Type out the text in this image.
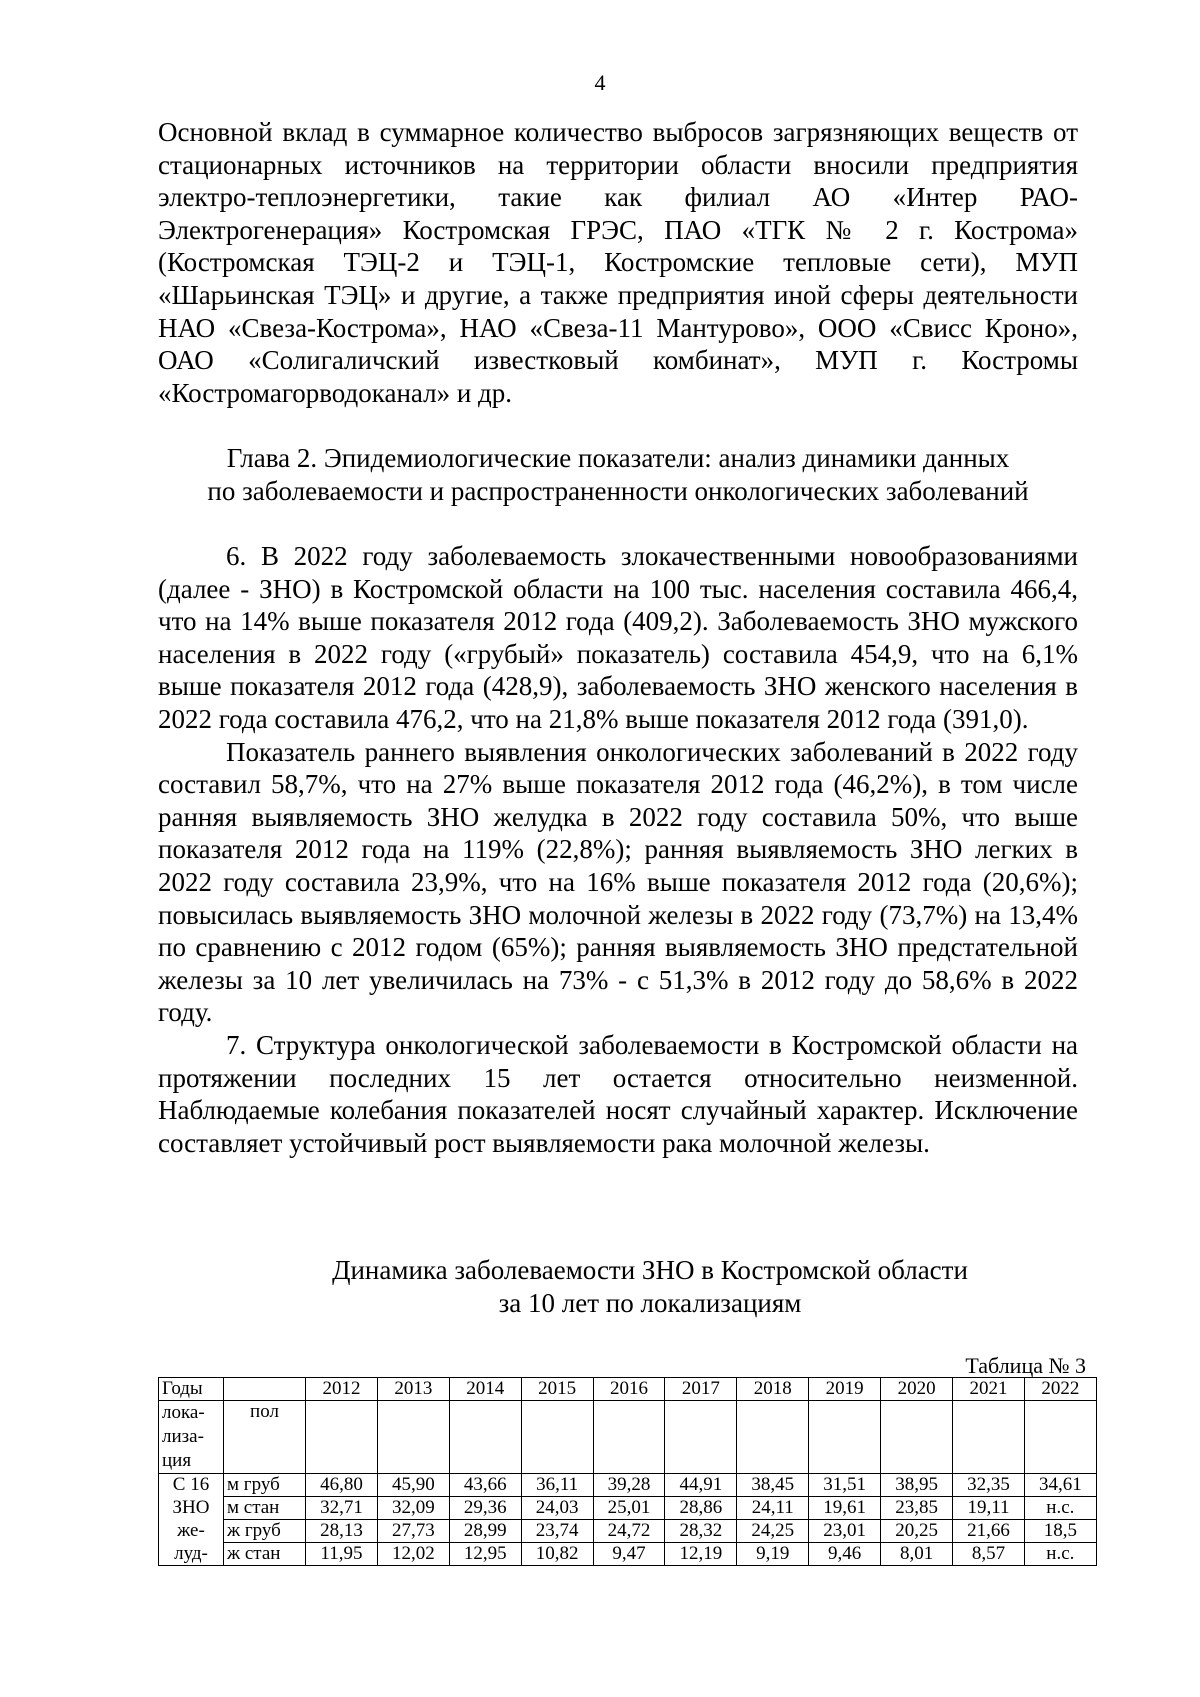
4

Основной вклад в суммарное количество выбросов загрязняющих веществ от стационарных источников на территории области вносили предприятия электро-теплоэнергетики, такие как филиал АО «Интер РАО-Электрогенерация» Костромская ГРЭС, ПАО «ТГК № 2 г. Кострома» (Костромская ТЭЦ-2 и ТЭЦ-1, Костромские тепловые сети), МУП «Шарьинская ТЭЦ» и другие, а также предприятия иной сферы деятельности НАО «Свеза-Кострома», НАО «Свеза-11 Мантурово», ООО «Свисс Кроно», ОАО «Солигаличский известковый комбинат», МУП г. Костромы «Костромагорводоканал» и др.

Глава 2. Эпидемиологические показатели: анализ динамики данных
по заболеваемости и распространенности онкологических заболеваний

6. В 2022 году заболеваемость злокачественными новообразованиями (далее - ЗНО) в Костромской области на 100 тыс. населения составила 466,4, что на 14% выше показателя 2012 года (409,2). Заболеваемость ЗНО мужского населения в 2022 году («грубый» показатель) составила 454,9, что на 6,1% выше показателя 2012 года (428,9), заболеваемость ЗНО женского населения в 2022 года составила 476,2, что на 21,8% выше показателя 2012 года (391,0).

Показатель раннего выявления онкологических заболеваний в 2022 году составил 58,7%, что на 27% выше показателя 2012 года (46,2%), в том числе ранняя выявляемость ЗНО желудка в 2022 году составила 50%, что выше показателя 2012 года на 119% (22,8%); ранняя выявляемость ЗНО легких в 2022 году составила 23,9%, что на 16% выше показателя 2012 года (20,6%); повысилась выявляемость ЗНО молочной железы в 2022 году (73,7%) на 13,4% по сравнению с 2012 годом (65%); ранняя выявляемость ЗНО предстательной железы за 10 лет увеличилась на 73% - с 51,3% в 2012 году до 58,6% в 2022 году.

7. Структура онкологической заболеваемости в Костромской области на протяжении последних 15 лет остается относительно неизменной. Наблюдаемые колебания показателей носят случайный характер. Исключение составляет устойчивый рост выявляемости рака молочной железы.

Динамика заболеваемости ЗНО в Костромской области
за 10 лет по локализациям
Таблица № 3
Годы		2012	2013	2014	2015	2016	2017	2018	2019	2020	2021	2022
лока-лиза-ция	пол											
С 16	м груб	46,80	45,90	43,66	36,11	39,28	44,91	38,45	31,51	38,95	32,35	34,61
ЗНО	м стан	32,71	32,09	29,36	24,03	25,01	28,86	24,11	19,61	23,85	19,11	н.с.
же-	ж груб	28,13	27,73	28,99	23,74	24,72	28,32	24,25	23,01	20,25	21,66	18,5
луд-	ж стан	11,95	12,02	12,95	10,82	9,47	12,19	9,19	9,46	8,01	8,57	н.с.
